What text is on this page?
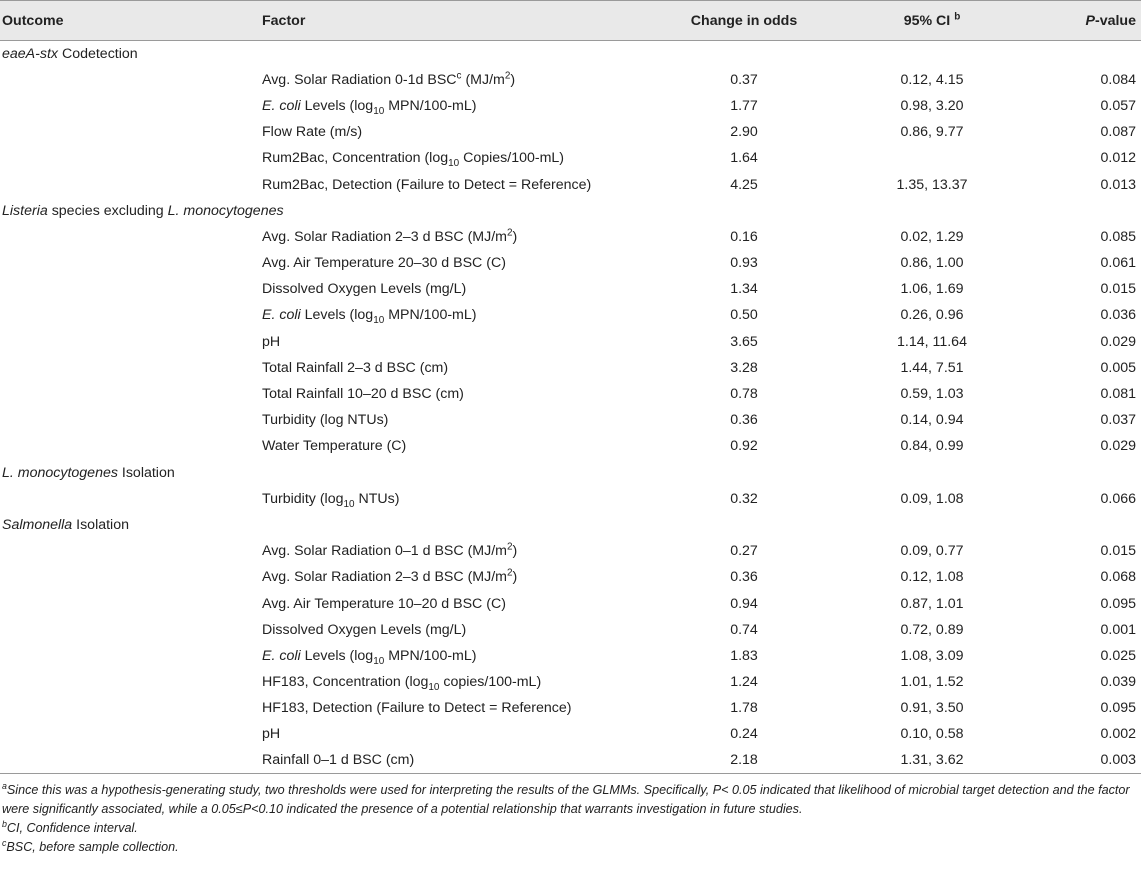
Outcome	Factor	Change in odds	95% CI $^b$	P-value
eaeA-stx Codetection				
	Avg. Solar Radiation 0-1d BSC$^c$ $(MJ/m^2)$	0.37	0.12, 4.15	0.084
	E. coli Levels ($\log_{10}$ MPN/100-mL)	1.77	0.98, 3.20	0.057
	Flow Rate (m/s)	2.90	0.86, 9.77	0.087
	Rum2Bac, Concentration ($\log_{10}$ Copies/100-mL)	1.64		0.012
	Rum2Bac, Detection (Failure to Detect = Reference)	4.25	1.35, 13.37	0.013
Listeria species excluding L. monocytogenes				
	Avg. Solar Radiation 2–3 d BSC $(MJ/m^2)$	0.16	0.02, 1.29	0.085
	Avg. Air Temperature 20–30 d BSC (C)	0.93	0.86, 1.00	0.061
	Dissolved Oxygen Levels (mg/L)	1.34	1.06, 1.69	0.015
	E. coli Levels ($\log_{10}$ MPN/100-mL)	0.50	0.26, 0.96	0.036
	pH	3.65	1.14, 11.64	0.029
	Total Rainfall 2–3 d BSC (cm)	3.28	1.44, 7.51	0.005
	Total Rainfall 10–20 d BSC (cm)	0.78	0.59, 1.03	0.081
	Turbidity (log NTUs)	0.36	0.14, 0.94	0.037
	Water Temperature (C)	0.92	0.84, 0.99	0.029
L. monocytogenes Isolation				
	Turbidity ($\log_{10}$ NTUs)	0.32	0.09, 1.08	0.066
Salmonella Isolation				
	Avg. Solar Radiation 0–1 d BSC $(MJ/m^2)$	0.27	0.09, 0.77	0.015
	Avg. Solar Radiation 2–3 d BSC $(MJ/m^2)$	0.36	0.12, 1.08	0.068
	Avg. Air Temperature 10–20 d BSC (C)	0.94	0.87, 1.01	0.095
	Dissolved Oxygen Levels (mg/L)	0.74	0.72, 0.89	0.001
	E. coli Levels ($\log_{10}$ MPN/100-mL)	1.83	1.08, 3.09	0.025
	HF183, Concentration ($\log_{10}$ copies/100-mL)	1.24	1.01, 1.52	0.039
	HF183, Detection (Failure to Detect = Reference)	1.78	0.91, 3.50	0.095
	pH	0.24	0.10, 0.58	0.002
	Rainfall 0–1 d BSC (cm)	2.18	1.31, 3.62	0.003

$^a$Since this was a hypothesis-generating study, two thresholds were used for interpreting the results of the GLMMs. Specifically, P< 0.05 indicated that likelihood of microbial target detection and the factor were significantly associated, while a 0.05≤P<0.10 indicated the presence of a potential relationship that warrants investigation in future studies.

$^b$CI, Confidence interval.

$^c$BSC, before sample collection.
